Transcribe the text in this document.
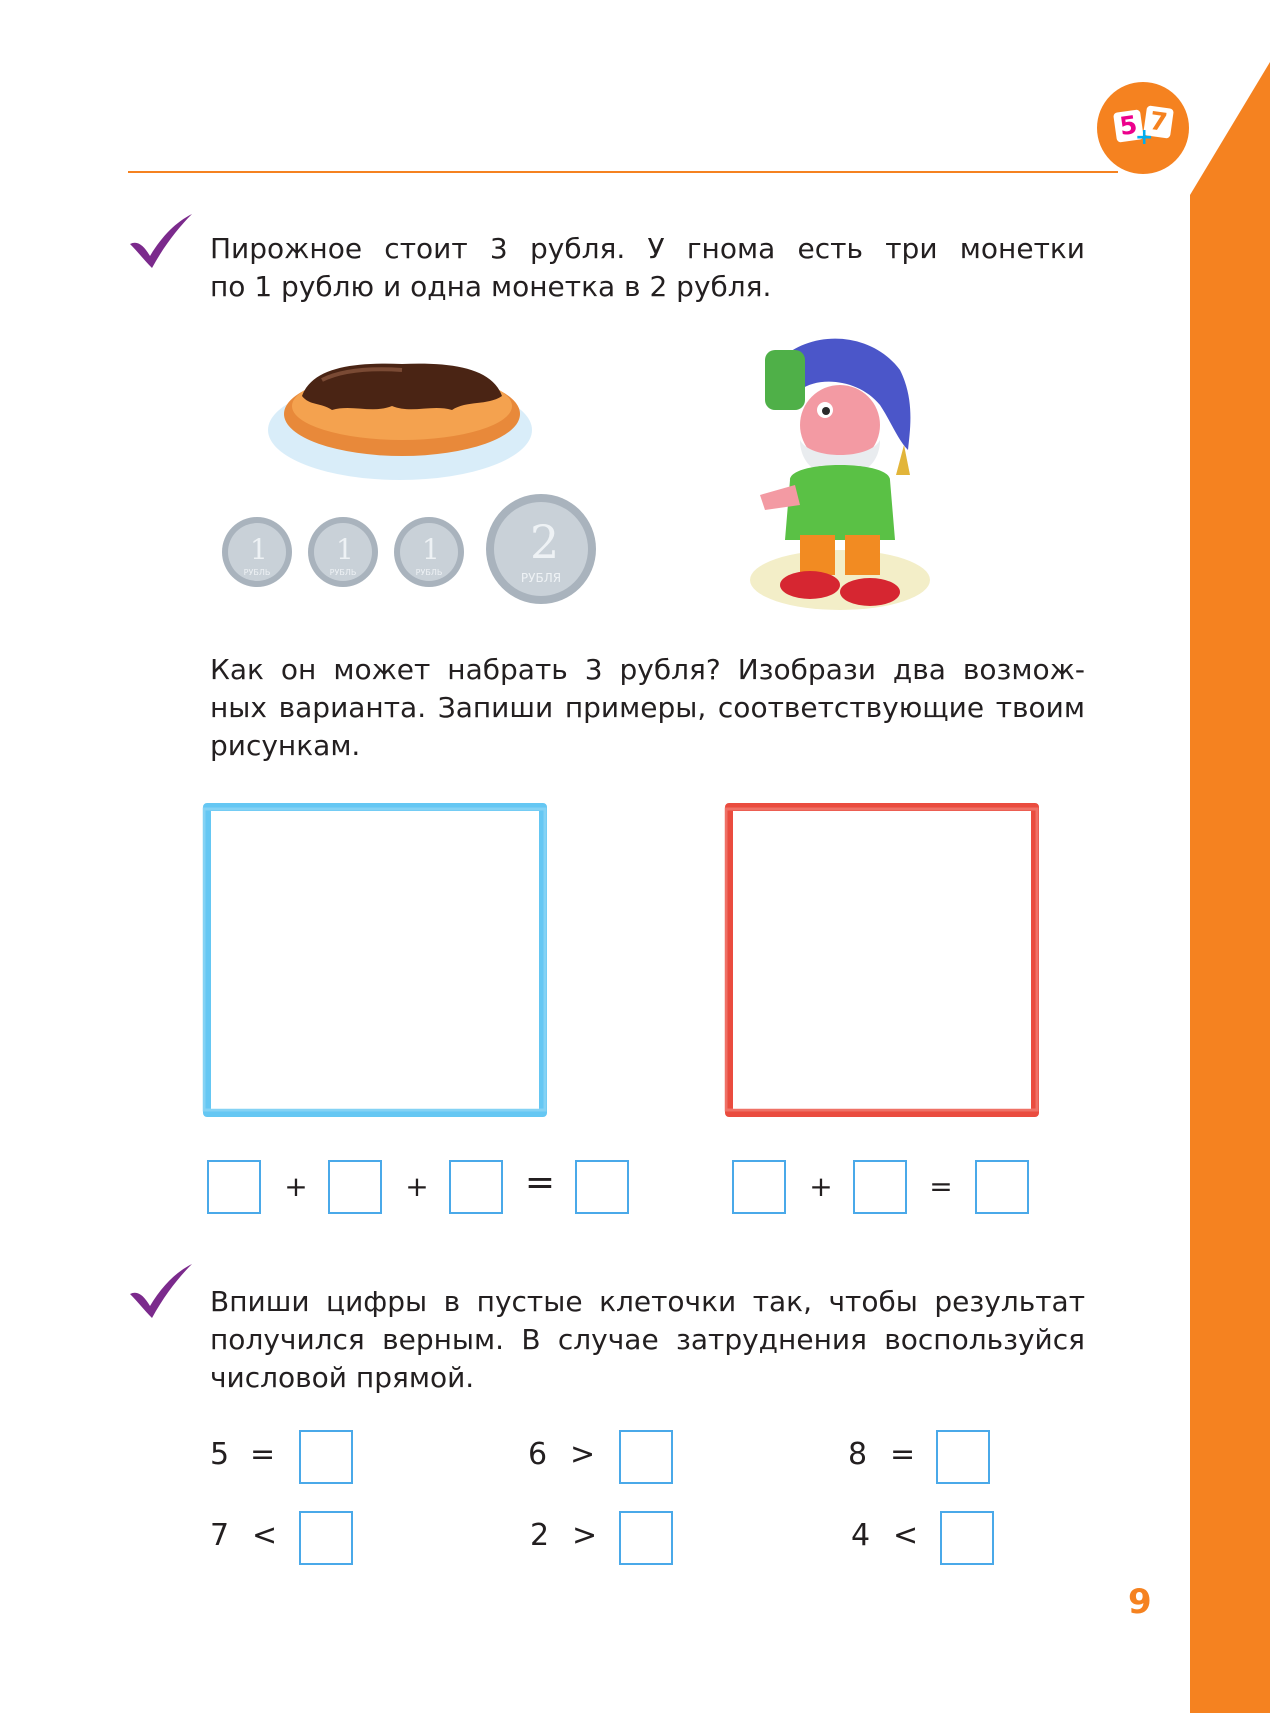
5 7
+

Пирожное стоит 3 рубля. У гнома есть три монетки

по 1 рублю и одна монетка в 2 рубля.

1
РУБЛЬ
1
РУБЛЬ
1
РУБЛЬ
2
РУБЛЯ

Как он может набрать 3 рубля? Изобрази два возмож-

ных варианта. Запиши примеры, соответствующие твоим

рисункам.

+	+	=	+	=

Впиши цифры в пустые клеточки так, чтобы результат

получился верным. В случае затруднения воспользуйся

числовой прямой.

5 =	6 >	8 =
7 <	2 >	4 <
9
